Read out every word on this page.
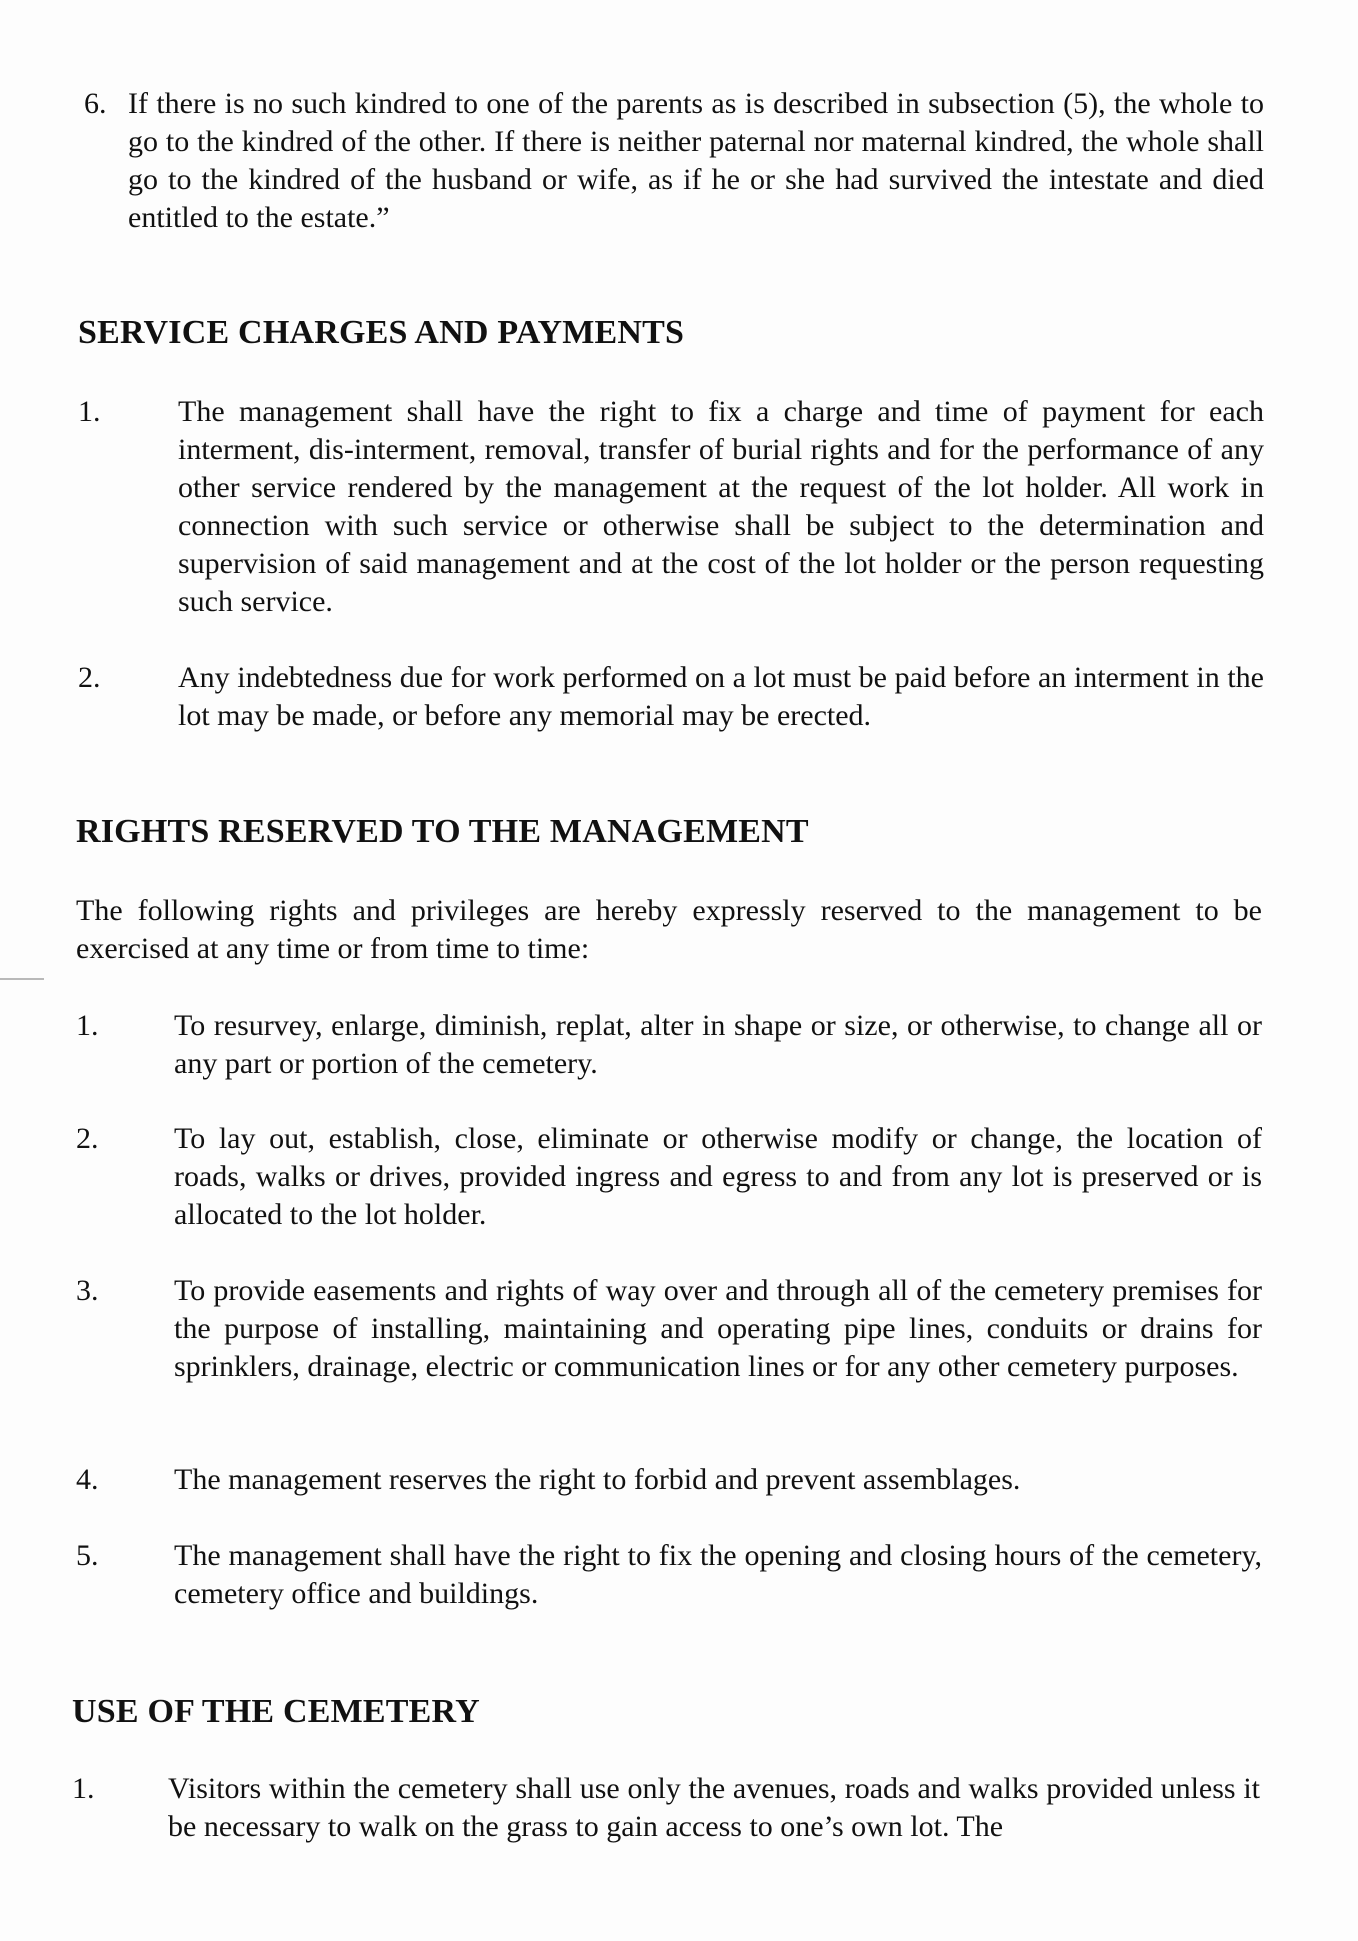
6. If there is no such kindred to one of the parents as is described in subsection (5), the whole to go to the kindred of the other. If there is neither paternal nor maternal kindred, the whole shall go to the kindred of the husband or wife, as if he or she had survived the intestate and died entitled to the estate.”
SERVICE CHARGES AND PAYMENTS
1.	The management shall have the right to fix a charge and time of payment for each interment, dis-interment, removal, transfer of burial rights and for the performance of any other service rendered by the management at the request of the lot holder. All work in connection with such service or otherwise shall be subject to the determination and supervision of said management and at the cost of the lot holder or the person requesting such service.
2.	Any indebtedness due for work performed on a lot must be paid before an interment in the lot may be made, or before any memorial may be erected.
RIGHTS RESERVED TO THE MANAGEMENT

The following rights and privileges are hereby expressly reserved to the management to be exercised at any time or from time to time:

1.	To resurvey, enlarge, diminish, replat, alter in shape or size, or otherwise, to change all or any part or portion of the cemetery.
2.	To lay out, establish, close, eliminate or otherwise modify or change, the location of roads, walks or drives, provided ingress and egress to and from any lot is preserved or is allocated to the lot holder.
3.	To provide easements and rights of way over and through all of the cemetery premises for the purpose of installing, maintaining and operating pipe lines, conduits or drains for sprinklers, drainage, electric or communication lines or for any other cemetery purposes.
4.	The management reserves the right to forbid and prevent assemblages.
5.	The management shall have the right to fix the opening and closing hours of the cemetery, cemetery office and buildings.
USE OF THE CEMETERY
1.	Visitors within the cemetery shall use only the avenues, roads and walks provided unless it be necessary to walk on the grass to gain access to one’s own lot. The
